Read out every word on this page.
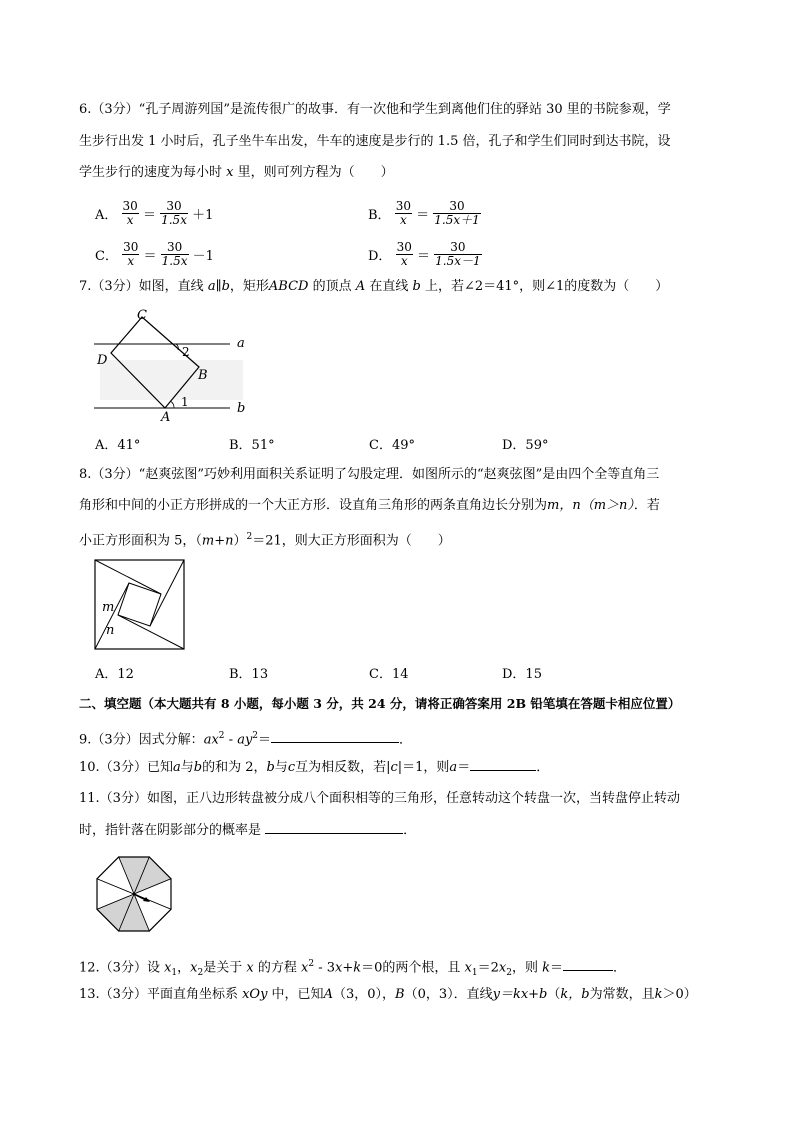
6.（3分）“孔子周游列国”是流传很广的故事．有一次他和学生到离他们住的驿站 30 里的书院参观，学
生步行出发 1 小时后，孔子坐牛车出发，牛车的速度是步行的 1.5 倍，孔子和学生们同时到达书院，设
学生步行的速度为每小时 x 里，则可列方程为（　　）
A． $\frac{30}{x} = \frac{30}{1.5x} +1$	B． $\frac{30}{x} = \frac{30}{1.5x+1}$
C． $\frac{30}{x} = \frac{30}{1.5x} -1$	D． $\frac{30}{x} = \frac{30}{1.5x-1}$
7.（3分）如图，直线 a∥b，矩形ABCD 的顶点 A 在直线 b 上，若∠2＝41°，则∠1的度数为（　　）
C
D
B
A
a
b
2
1
A．41°	B．51°	C．49°	D．59°
8.（3分）“赵爽弦图”巧妙利用面积关系证明了勾股定理．如图所示的“赵爽弦图”是由四个全等直角三
角形和中间的小正方形拼成的一个大正方形．设直角三角形的两条直角边长分别为m，n（m＞n）．若
小正方形面积为 5，$(m+n)^2=21$，则大正方形面积为（　　）
m
n
A．12	B．13	C．14	D．15
二、填空题（本大题共有 8 小题，每小题 3 分，共 24 分，请将正确答案用 2B 铅笔填在答题卡相应位置）
9.（3分）因式分解：$ax^2 - ay^2=$	．
10.（3分）已知a与b的和为 2，b与c互为相反数，若|c|＝1，则a＝	．
11.（3分）如图，正八边形转盘被分成八个面积相等的三角形，任意转动这个转盘一次，当转盘停止转动
时，指针落在阴影部分的概率是	．
12.（3分）设 $x_1$，$x_2$是关于 x 的方程 $x^2 - 3x+k=0$的两个根，且 $x_1=2x_2$，则 k＝	．
13.（3分）平面直角坐标系 xOy 中，已知A（3，0），B（0，3）．直线y＝kx+b（k，b为常数，且k＞0）
